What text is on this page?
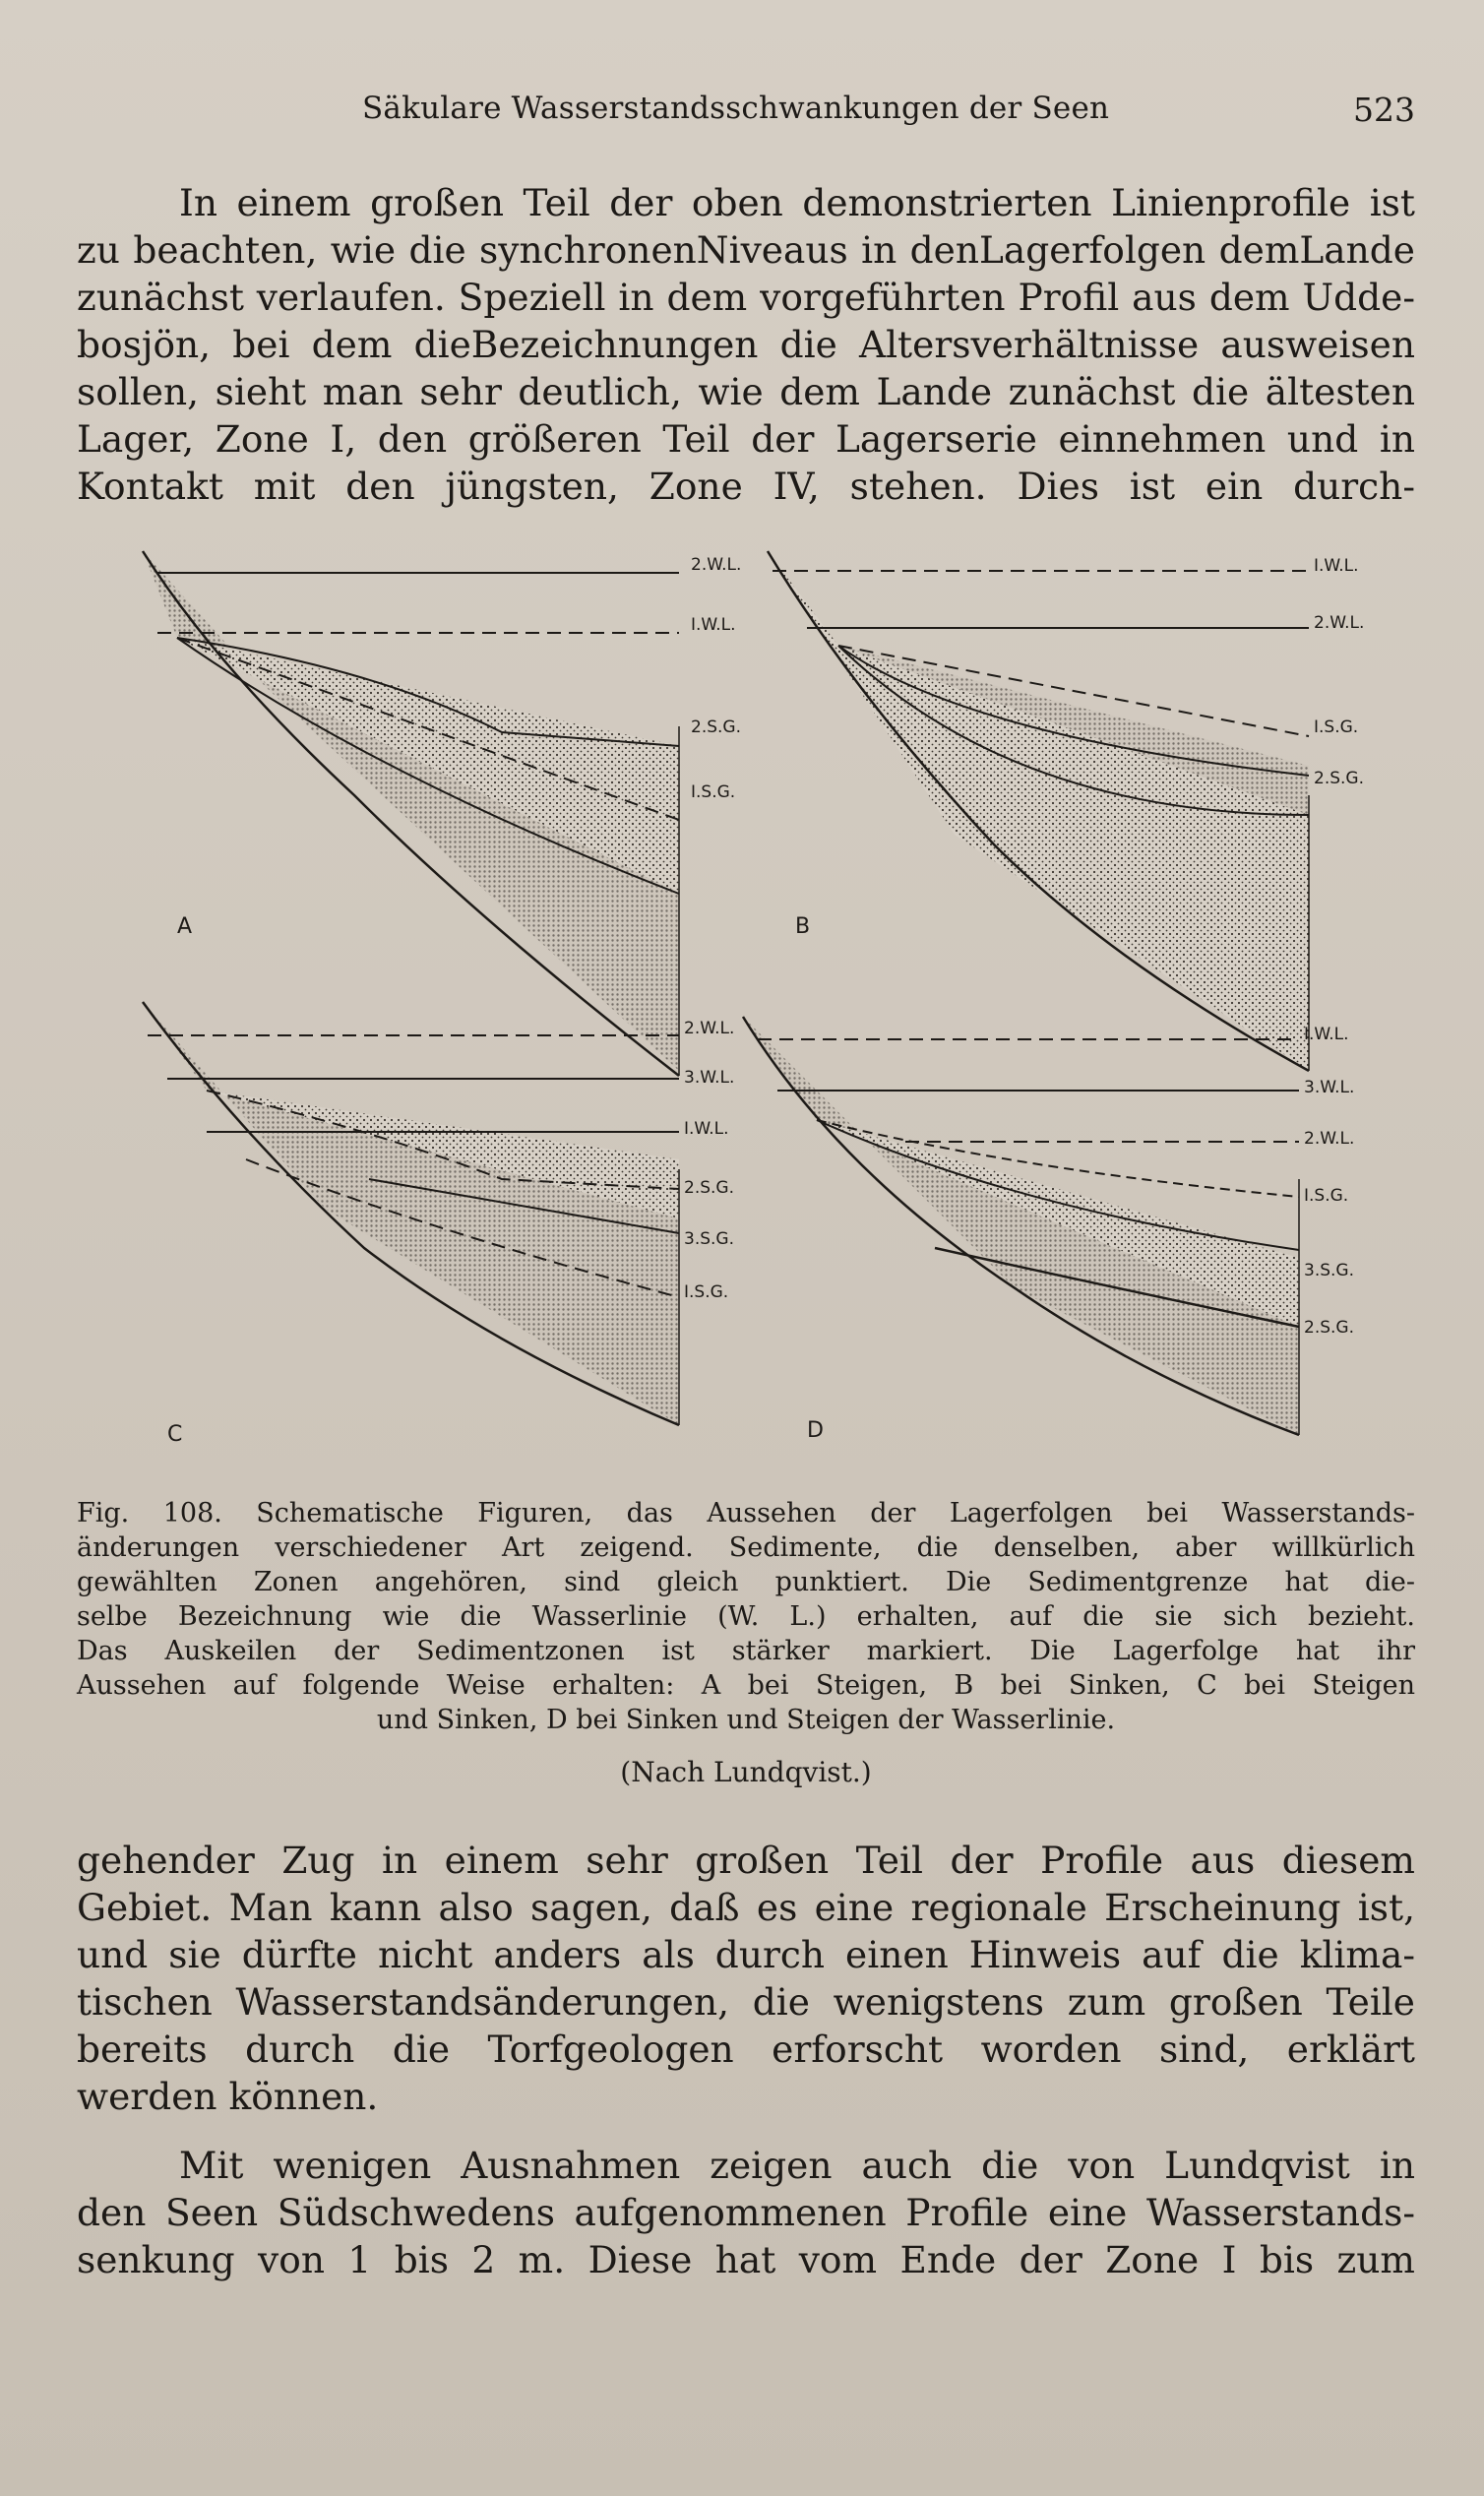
Säkulare Wasserstandsschwankungen der Seen	523
In einem großen Teil der oben demonstrierten Linienprofile ist
zu beachten, wie die synchronenNiveaus in denLagerfolgen demLande
zunächst verlaufen. Speziell in dem vorgeführten Profil aus dem Udde-
bosjön, bei dem dieBezeichnungen die Altersverhältnisse ausweisen
sollen, sieht man sehr deutlich, wie dem Lande zunächst die ältesten
Lager, Zone I, den größeren Teil der Lagerserie einnehmen und in
Kontakt mit den jüngsten, Zone IV, stehen. Dies ist ein durch-
2.W.L.
I.W.L.
2.S.G.
I.S.G.
A
I.W.L.
2.W.L.
I.S.G.
2.S.G.
B
2.W.L.
3.W.L.
I.W.L.
2.S.G.
3.S.G.
I.S.G.
C
I.W.L.
3.W.L.
2.W.L.
I.S.G.
3.S.G.
2.S.G.
D
Fig. 108. Schematische Figuren, das Aussehen der Lagerfolgen bei Wasserstands-
änderungen verschiedener Art zeigend. Sedimente, die denselben, aber willkürlich
gewählten Zonen angehören, sind gleich punktiert. Die Sedimentgrenze hat die-
selbe Bezeichnung wie die Wasserlinie (W. L.) erhalten, auf die sie sich bezieht.
Das Auskeilen der Sedimentzonen ist stärker markiert. Die Lagerfolge hat ihr
Aussehen auf folgende Weise erhalten: A bei Steigen, B bei Sinken, C bei Steigen
und Sinken, D bei Sinken und Steigen der Wasserlinie.
(Nach Lundqvist.)
gehender Zug in einem sehr großen Teil der Profile aus diesem
Gebiet. Man kann also sagen, daß es eine regionale Erscheinung ist,
und sie dürfte nicht anders als durch einen Hinweis auf die klima-
tischen Wasserstandsänderungen, die wenigstens zum großen Teile
bereits durch die Torfgeologen erforscht worden sind, erklärt
werden können.
Mit wenigen Ausnahmen zeigen auch die von Lundqvist in
den Seen Südschwedens aufgenommenen Profile eine Wasserstands-
senkung von 1 bis 2 m. Diese hat vom Ende der Zone I bis zum
